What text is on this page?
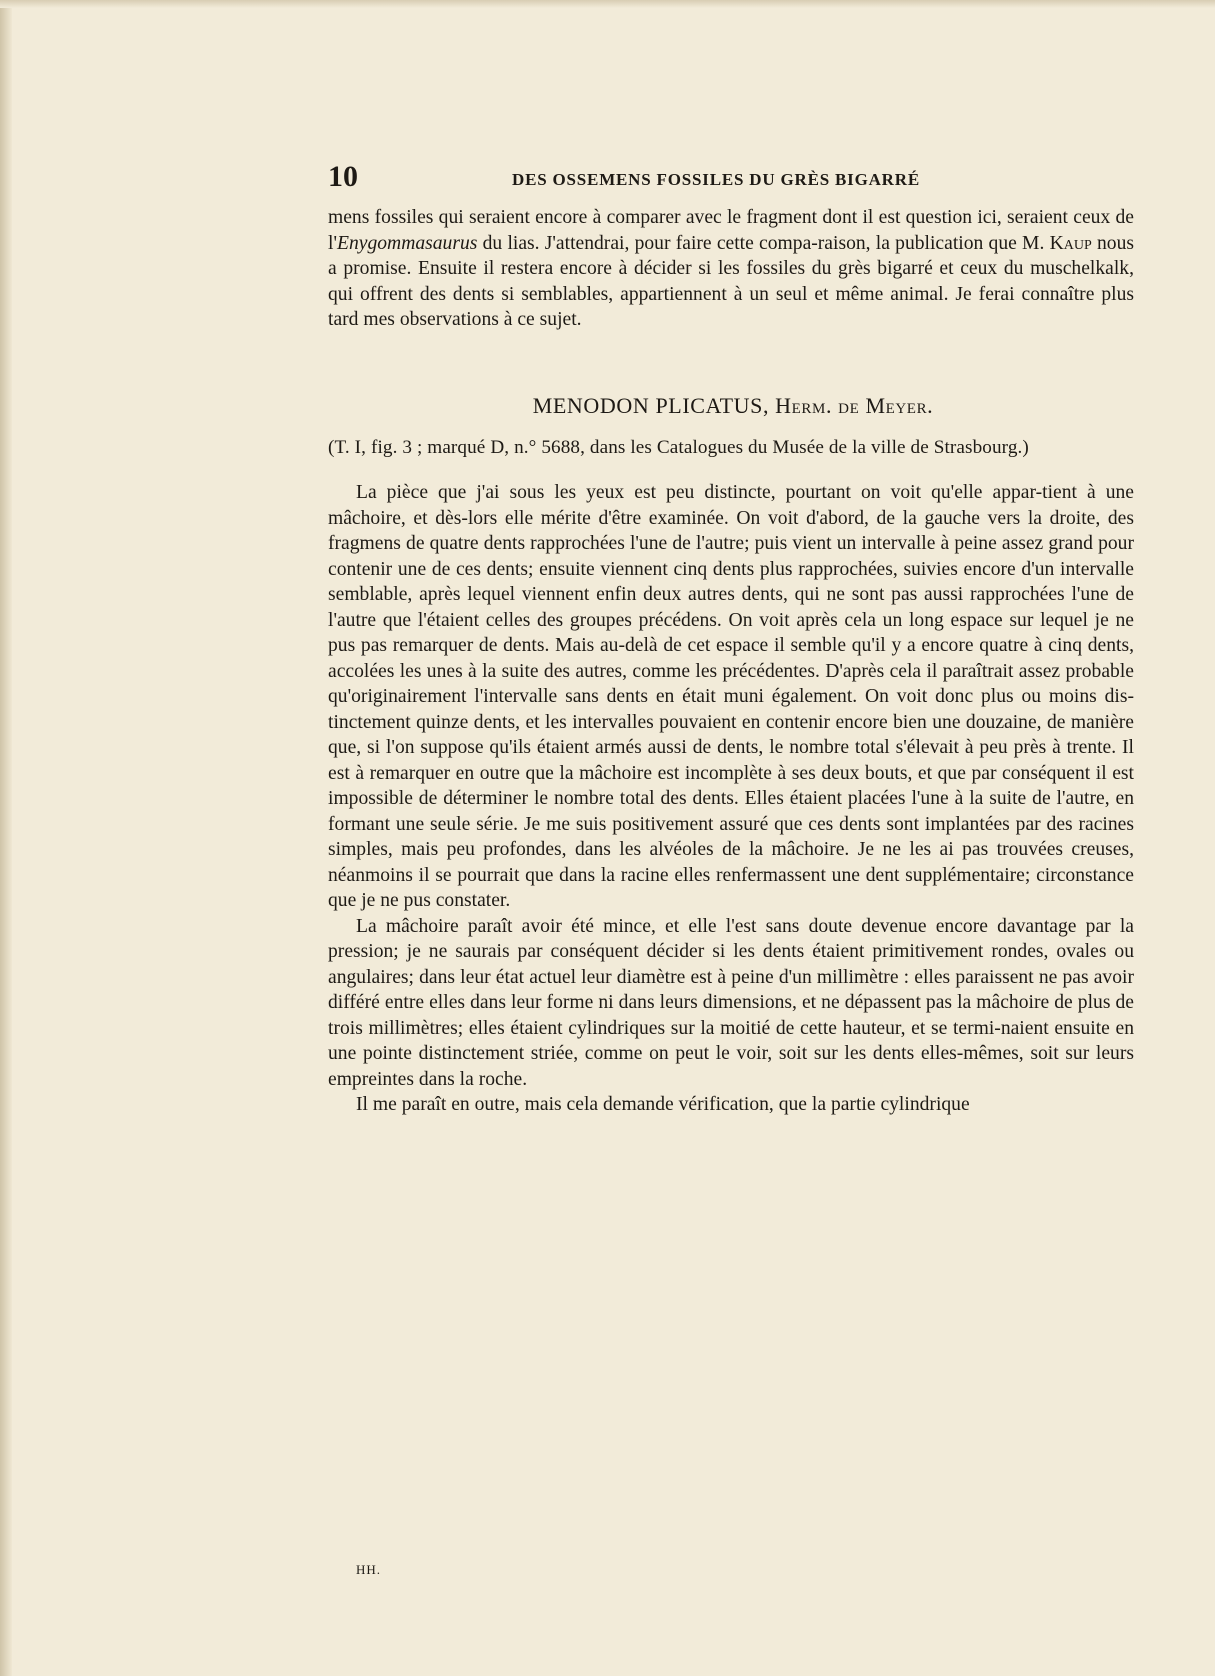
10	DES OSSEMENS FOSSILES DU GRÈS BIGARRÉ

mens fossiles qui seraient encore à comparer avec le fragment dont il est question ici, seraient ceux de l'Enygommasaurus du lias. J'attendrai, pour faire cette compa-raison, la publication que M. Kaup nous a promise. Ensuite il restera encore à décider si les fossiles du grès bigarré et ceux du muschelkalk, qui offrent des dents si semblables, appartiennent à un seul et même animal. Je ferai connaître plus tard mes observations à ce sujet.

MENODON PLICATUS, Herm. de Meyer.
(T. I, fig. 3 ; marqué D, n.° 5688, dans les Catalogues du Musée de la ville de Strasbourg.)

La pièce que j'ai sous les yeux est peu distincte, pourtant on voit qu'elle appar-tient à une mâchoire, et dès-lors elle mérite d'être examinée. On voit d'abord, de la gauche vers la droite, des fragmens de quatre dents rapprochées l'une de l'autre; puis vient un intervalle à peine assez grand pour contenir une de ces dents; ensuite viennent cinq dents plus rapprochées, suivies encore d'un intervalle semblable, après lequel viennent enfin deux autres dents, qui ne sont pas aussi rapprochées l'une de l'autre que l'étaient celles des groupes précédens. On voit après cela un long espace sur lequel je ne pus pas remarquer de dents. Mais au-delà de cet espace il semble qu'il y a encore quatre à cinq dents, accolées les unes à la suite des autres, comme les précédentes. D'après cela il paraîtrait assez probable qu'originairement l'intervalle sans dents en était muni également. On voit donc plus ou moins dis-tinctement quinze dents, et les intervalles pouvaient en contenir encore bien une douzaine, de manière que, si l'on suppose qu'ils étaient armés aussi de dents, le nombre total s'élevait à peu près à trente. Il est à remarquer en outre que la mâchoire est incomplète à ses deux bouts, et que par conséquent il est impossible de déterminer le nombre total des dents. Elles étaient placées l'une à la suite de l'autre, en formant une seule série. Je me suis positivement assuré que ces dents sont implantées par des racines simples, mais peu profondes, dans les alvéoles de la mâchoire. Je ne les ai pas trouvées creuses, néanmoins il se pourrait que dans la racine elles renfermassent une dent supplémentaire; circonstance que je ne pus constater.

La mâchoire paraît avoir été mince, et elle l'est sans doute devenue encore davantage par la pression; je ne saurais par conséquent décider si les dents étaient primitivement rondes, ovales ou angulaires; dans leur état actuel leur diamètre est à peine d'un millimètre : elles paraissent ne pas avoir différé entre elles dans leur forme ni dans leurs dimensions, et ne dépassent pas la mâchoire de plus de trois millimètres; elles étaient cylindriques sur la moitié de cette hauteur, et se termi-naient ensuite en une pointe distinctement striée, comme on peut le voir, soit sur les dents elles-mêmes, soit sur leurs empreintes dans la roche.

Il me paraît en outre, mais cela demande vérification, que la partie cylindrique

HH.
